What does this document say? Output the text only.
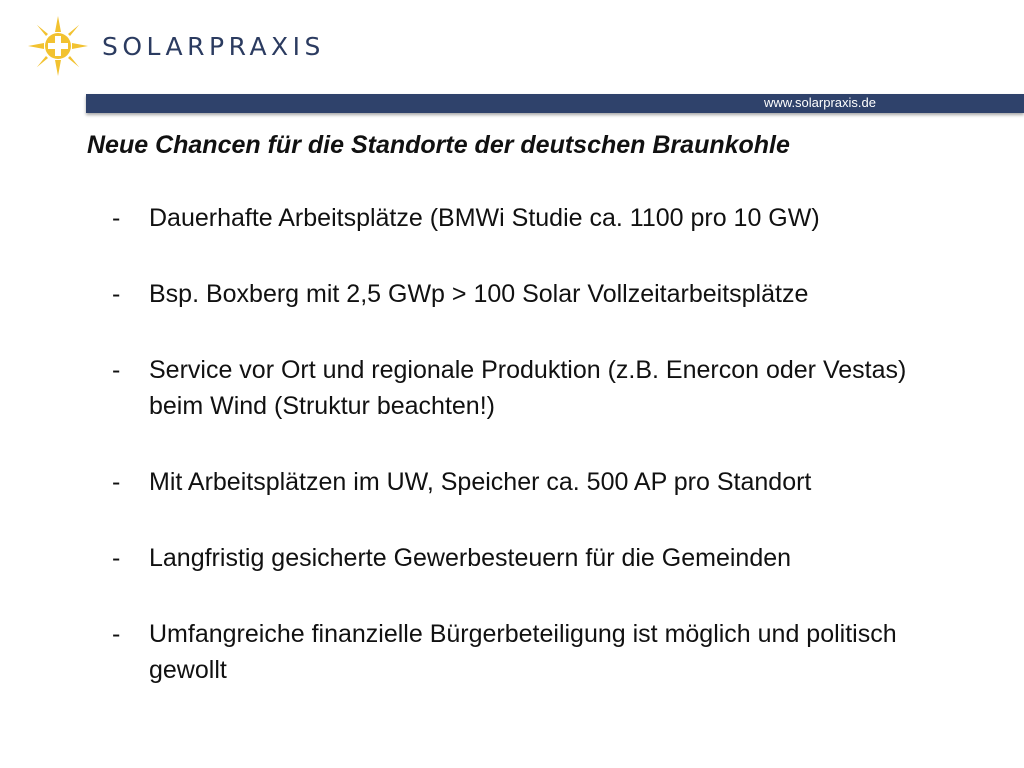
SOLARPRAXIS
www.solarpraxis.de
Neue Chancen für die Standorte der deutschen Braunkohle
-	Dauerhafte Arbeitsplätze (BMWi Studie ca. 1100 pro 10 GW)
-	Bsp. Boxberg mit 2,5 GWp > 100 Solar Vollzeitarbeitsplätze
-	Service vor Ort und regionale Produktion (z.B. Enercon oder Vestas) beim Wind (Struktur beachten!)
-	Mit Arbeitsplätzen im UW, Speicher ca. 500 AP pro Standort
-	Langfristig gesicherte Gewerbesteuern für die Gemeinden
-	Umfangreiche finanzielle Bürgerbeteiligung ist möglich und politisch gewollt
